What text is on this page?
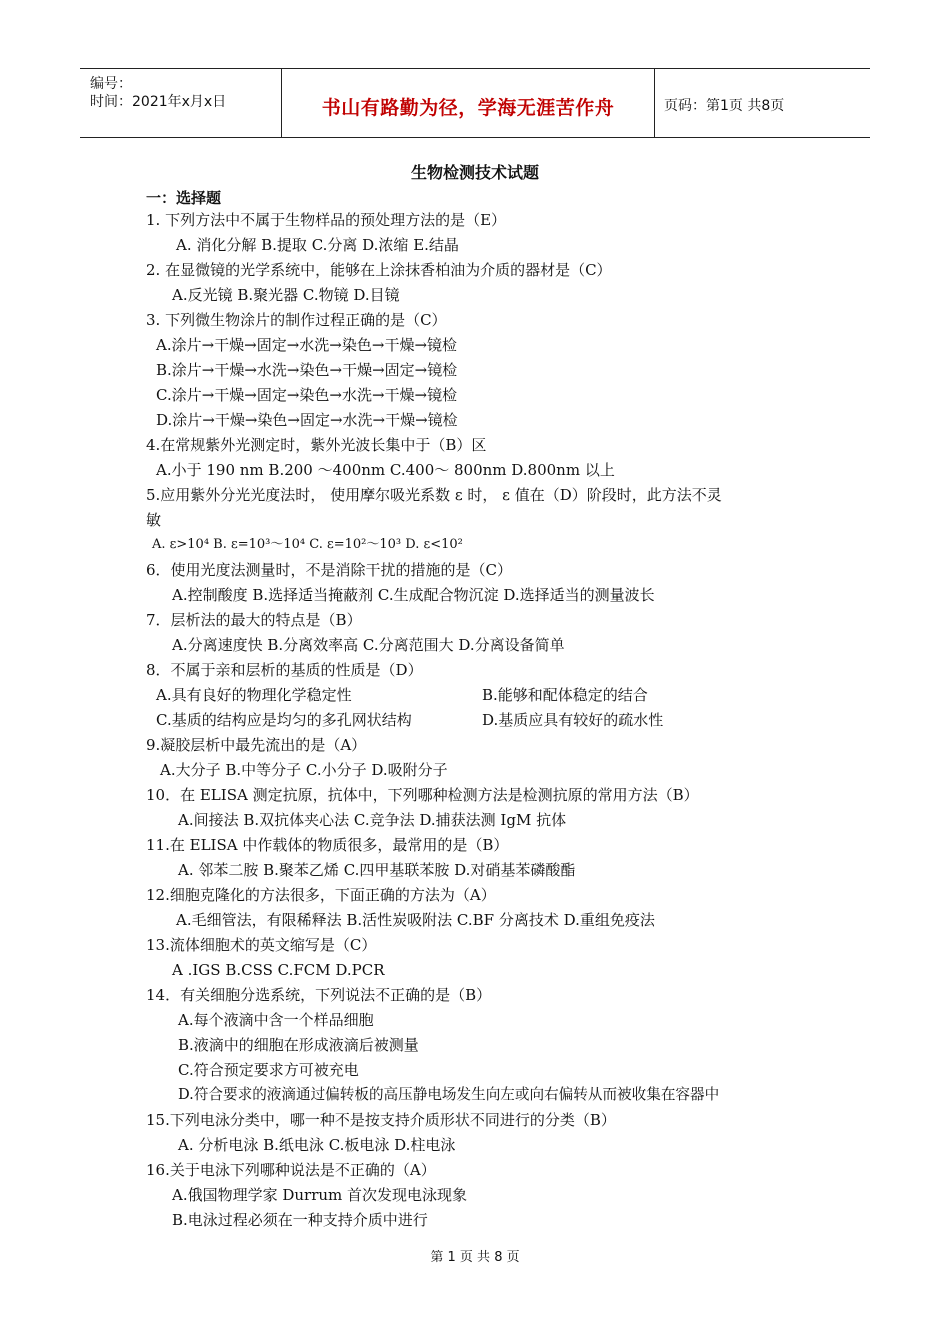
编号：
时间：2021年x月x日	书山有路勤为径，学海无涯苦作舟	页码：第1页 共8页
生物检测技术试题
一：选择题
1. 下列方法中不属于生物样品的预处理方法的是（E）
A. 消化分解 B.提取 C.分离 D.浓缩 E.结晶
2. 在显微镜的光学系统中，能够在上涂抹香柏油为介质的器材是（C）
A.反光镜 B.聚光器 C.物镜 D.目镜
3. 下列微生物涂片的制作过程正确的是（C）
A.涂片→干燥→固定→水洗→染色→干燥→镜检
B.涂片→干燥→水洗→染色→干燥→固定→镜检
C.涂片→干燥→固定→染色→水洗→干燥→镜检
D.涂片→干燥→染色→固定→水洗→干燥→镜检
4.在常规紫外光测定时，紫外光波长集中于（B）区
A.小于 190 nm B.200 ～400nm C.400～ 800nm D.800nm 以上
5.应用紫外分光光度法时， 使用摩尔吸光系数 ε 时， ε 值在（D）阶段时，此方法不灵
敏
A. ε>10⁴ B. ε=10³～10⁴ C. ε=10²～10³ D. ε<10²
6．使用光度法测量时，不是消除干扰的措施的是（C）
A.控制酸度 B.选择适当掩蔽剂 C.生成配合物沉淀 D.选择适当的测量波长
7．层析法的最大的特点是（B）
A.分离速度快 B.分离效率高 C.分离范围大 D.分离设备简单
8．不属于亲和层析的基质的性质是（D）
A.具有良好的物理化学稳定性	B.能够和配体稳定的结合
C.基质的结构应是均匀的多孔网状结构	D.基质应具有较好的疏水性
9.凝胶层析中最先流出的是（A）
A.大分子 B.中等分子 C.小分子 D.吸附分子
10．在 ELISA 测定抗原，抗体中，下列哪种检测方法是检测抗原的常用方法（B）
A.间接法 B.双抗体夹心法 C.竞争法 D.捕获法测 IgM 抗体
11.在 ELISA 中作载体的物质很多，最常用的是（B）
A. 邻苯二胺 B.聚苯乙烯 C.四甲基联苯胺 D.对硝基苯磷酸酯
12.细胞克隆化的方法很多，下面正确的方法为（A）
A.毛细管法，有限稀释法 B.活性炭吸附法 C.BF 分离技术 D.重组免疫法
13.流体细胞术的英文缩写是（C）
A .IGS B.CSS C.FCM D.PCR
14．有关细胞分选系统，下列说法不正确的是（B）
A.每个液滴中含一个样品细胞
B.液滴中的细胞在形成液滴后被测量
C.符合预定要求方可被充电
D.符合要求的液滴通过偏转板的高压静电场发生向左或向右偏转从而被收集在容器中
15.下列电泳分类中，哪一种不是按支持介质形状不同进行的分类（B）
A. 分析电泳 B.纸电泳 C.板电泳 D.柱电泳
16.关于电泳下列哪种说法是不正确的（A）
A.俄国物理学家 Durrum 首次发现电泳现象
B.电泳过程必须在一种支持介质中进行
第 1 页 共 8 页
